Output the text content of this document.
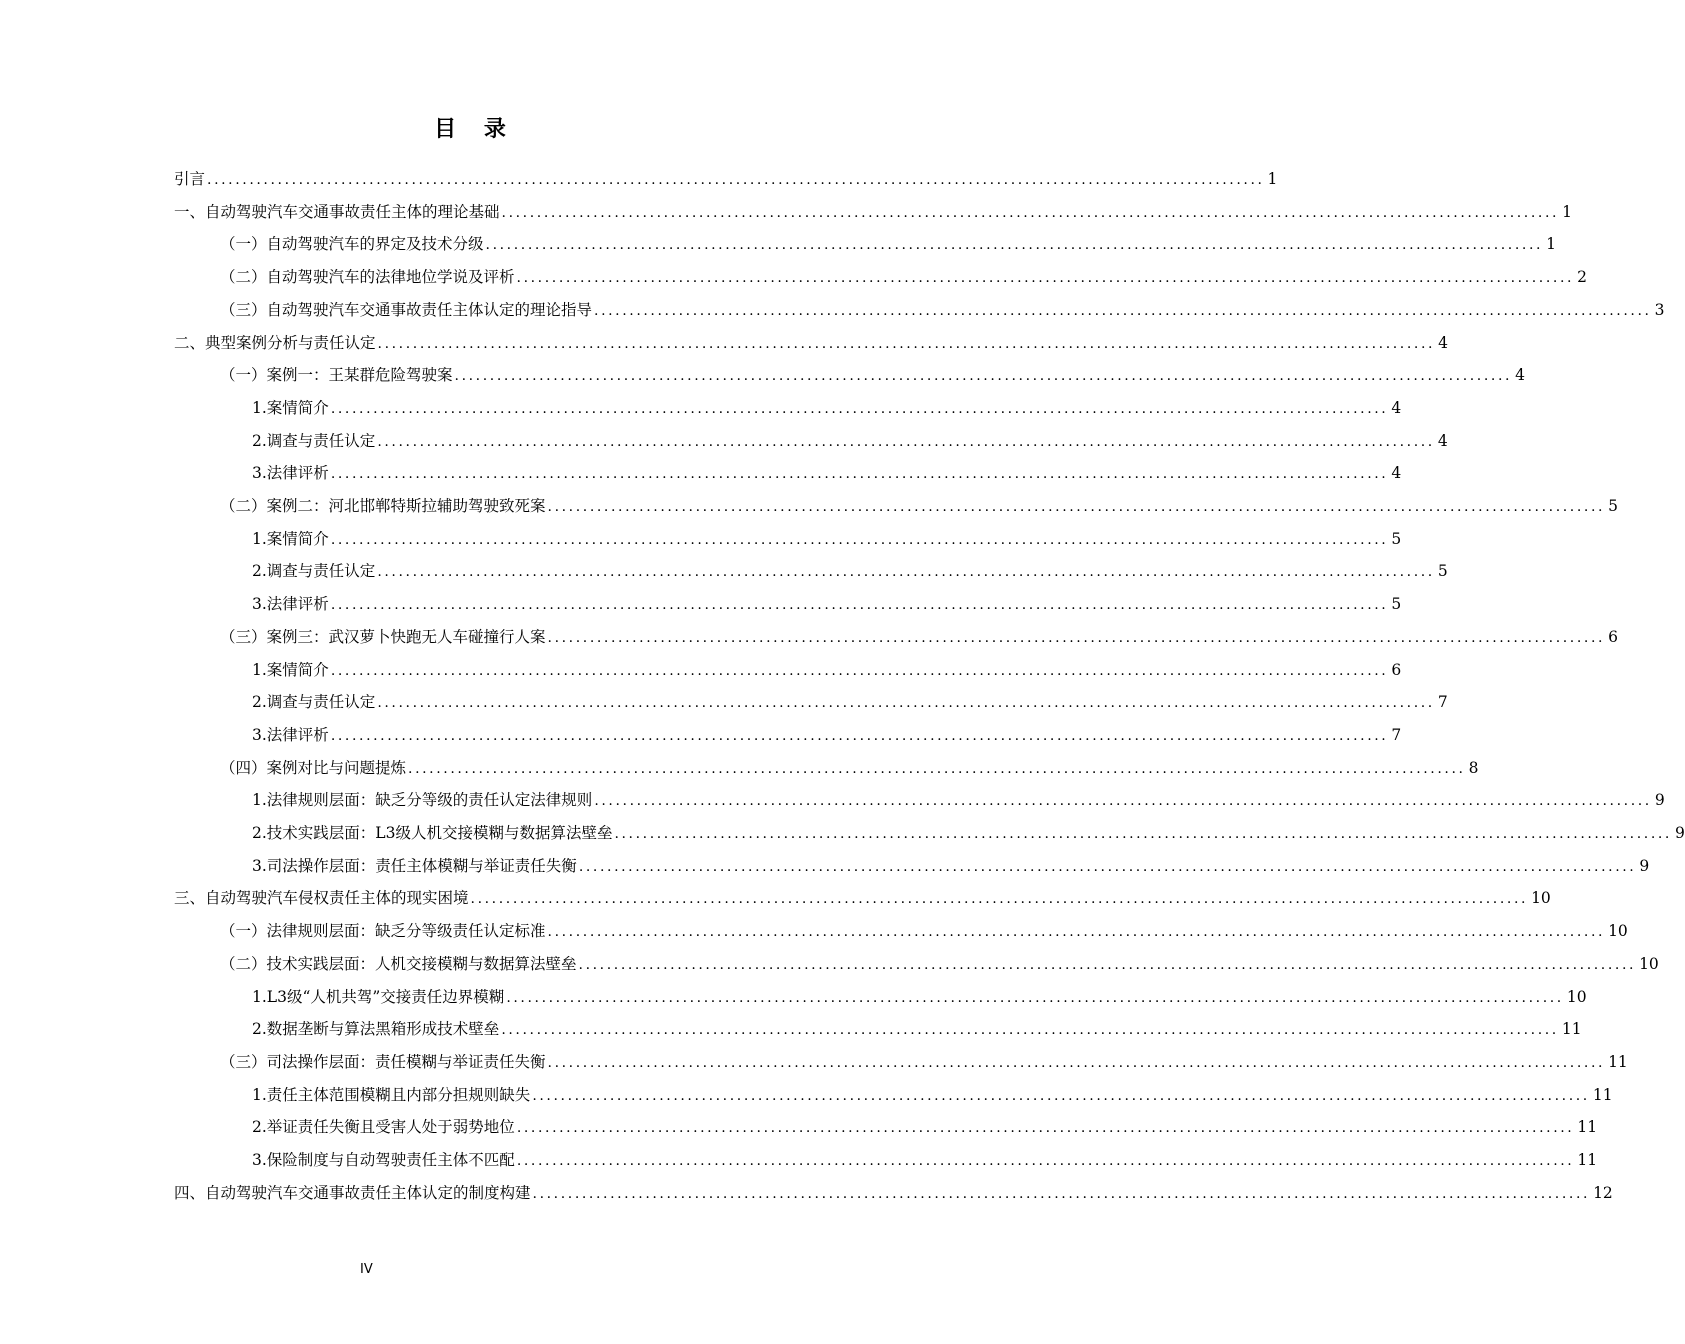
目 录
引言 ...................................................................................................................................................... 1
一、 自动驾驶汽车交通事故责任主体的理论基础 ...................................................................................................................................................... 1
（一） 自动驾驶汽车的界定及技术分级 ...................................................................................................................................................... 1
（二） 自动驾驶汽车的法律地位学说及评析 ...................................................................................................................................................... 2
（三） 自动驾驶汽车交通事故责任主体认定的理论指导 ...................................................................................................................................................... 3
二、 典型案例分析与责任认定 ...................................................................................................................................................... 4
（一） 案例一：王某群危险驾驶案 ...................................................................................................................................................... 4
1. 案情简介 ...................................................................................................................................................... 4
2. 调查与责任认定 ...................................................................................................................................................... 4
3. 法律评析 ...................................................................................................................................................... 4
（二） 案例二：河北邯郸特斯拉辅助驾驶致死案 ...................................................................................................................................................... 5
1. 案情简介 ...................................................................................................................................................... 5
2. 调查与责任认定 ...................................................................................................................................................... 5
3. 法律评析 ...................................................................................................................................................... 5
（三） 案例三：武汉萝卜快跑无人车碰撞行人案 ...................................................................................................................................................... 6
1. 案情简介 ...................................................................................................................................................... 6
2. 调查与责任认定 ...................................................................................................................................................... 7
3. 法律评析 ...................................................................................................................................................... 7
（四） 案例对比与问题提炼 ...................................................................................................................................................... 8
1. 法律规则层面：缺乏分等级的责任认定法律规则 ...................................................................................................................................................... 9
2. 技术实践层面：L3级人机交接模糊与数据算法壁垒 ...................................................................................................................................................... 9
3. 司法操作层面：责任主体模糊与举证责任失衡 ...................................................................................................................................................... 9
三、 自动驾驶汽车侵权责任主体的现实困境 ...................................................................................................................................................... 10
（一） 法律规则层面：缺乏分等级责任认定标准 ...................................................................................................................................................... 10
（二） 技术实践层面：人机交接模糊与数据算法壁垒 ...................................................................................................................................................... 10
1. L3级“人机共驾”交接责任边界模糊 ...................................................................................................................................................... 10
2. 数据垄断与算法黑箱形成技术壁垒 ...................................................................................................................................................... 11
（三） 司法操作层面：责任模糊与举证责任失衡 ...................................................................................................................................................... 11
1. 责任主体范围模糊且内部分担规则缺失 ...................................................................................................................................................... 11
2. 举证责任失衡且受害人处于弱势地位 ...................................................................................................................................................... 11
3. 保险制度与自动驾驶责任主体不匹配 ...................................................................................................................................................... 11
四、 自动驾驶汽车交通事故责任主体认定的制度构建 ...................................................................................................................................................... 12
IV
